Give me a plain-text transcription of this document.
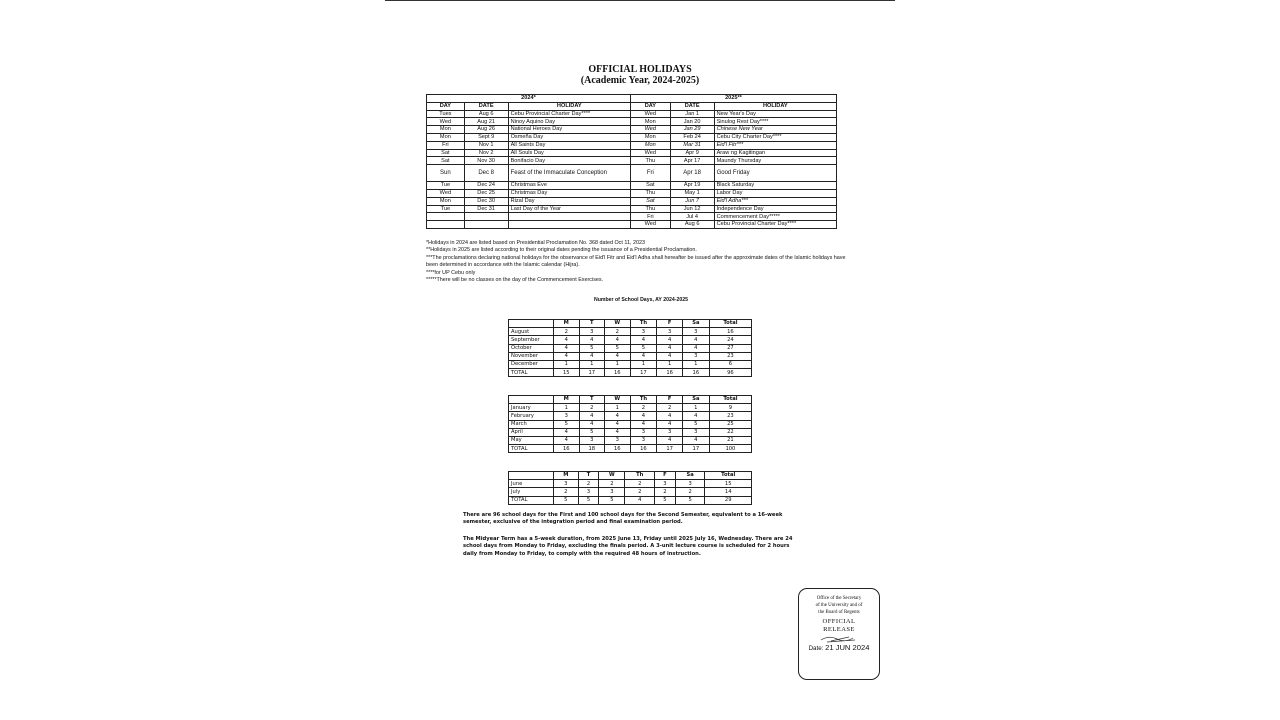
OFFICIAL HOLIDAYS
(Academic Year, 2024-2025)
2024*			2025**		
DAY	DATE	HOLIDAY	DAY	DATE	HOLIDAY
Tues	Aug 6	Cebu Provincial Charter Day****	Wed	Jan 1	New Year's Day
Wed	Aug 21	Ninoy Aquino Day	Mon	Jan 20	Sinulog Rest Day****
Mon	Aug 26	National Heroes Day	Wed	Jan 29	Chinese New Year
Mon	Sept 9	Osmeña Day	Mon	Feb 24	Cebu City Charter Day****
Fri	Nov 1	All Saints Day	Mon	Mar 31	Eid'l Fitr***
Sat	Nov 2	All Souls Day	Wed	Apr 9	Araw ng Kagitingan
Sat	Nov 30	Bonifacio Day	Thu	Apr 17	Maundy Thursday
Sun	Dec 8	Feast of the Immaculate Conception	Fri	Apr 18	Good Friday
Tue	Dec 24	Christmas Eve	Sat	Apr 19	Black Saturday
Wed	Dec 25	Christmas Day	Thu	May 1	Labor Day
Mon	Dec 30	Rizal Day	Sat	Jun 7	Eid'l Adha***
Tue	Dec 31	Last Day of the Year	Thu	Jun 12	Independence Day
			Fri	Jul 4	Commencement Day*****
			Wed	Aug 6	Cebu Provincial Charter Day****

*Holidays in 2024 are listed based on Presidential Proclamation No. 368 dated Oct 11, 2023

**Holidays in 2025 are listed according to their original dates pending the issuance of a Presidential Proclamation.

***The proclamations declaring national holidays for the observance of Eid'l Fitr and Eid'l Adha shall hereafter be issued after the approximate dates of the Islamic holidays have been determined in accordance with the Islamic calendar (Hijra).

****for UP Cebu only

*****There will be no classes on the day of the Commencement Exercises.

Number of School Days, AY 2024-2025
	M	T	W	Th	F	Sa	Total
August	2	3	2	3	3	3	16
September	4	4	4	4	4	4	24
October	4	5	5	5	4	4	27
November	4	4	4	4	4	3	23
December	1	1	1	1	1	1	6
TOTAL	15	17	16	17	16	16	96
	M	T	W	Th	F	Sa	Total
January	1	2	1	2	2	1	9
February	3	4	4	4	4	4	23
March	5	4	4	4	4	5	25
April	4	5	4	3	3	3	22
May	4	3	3	3	4	4	21
TOTAL	16	18	16	16	17	17	100
	M	T	W	Th	F	Sa	Total
June	3	2	2	2	3	3	15
July	2	3	3	2	2	2	14
TOTAL	5	5	5	4	5	5	29

There are 96 school days for the First and 100 school days for the Second Semester, equivalent to a 16-week semester, exclusive of the integration period and final examination period.

The Midyear Term has a 5-week duration, from 2025 June 13, Friday until 2025 July 16, Wednesday. There are 24 school days from Monday to Friday, excluding the finals period. A 3-unit lecture course is scheduled for 2 hours daily from Monday to Friday, to comply with the required 48 hours of instruction.

Office of the Secretary
of the University and of
the Board of Regents
OFFICIAL
RELEASE
Date: 21 JUN 2024
